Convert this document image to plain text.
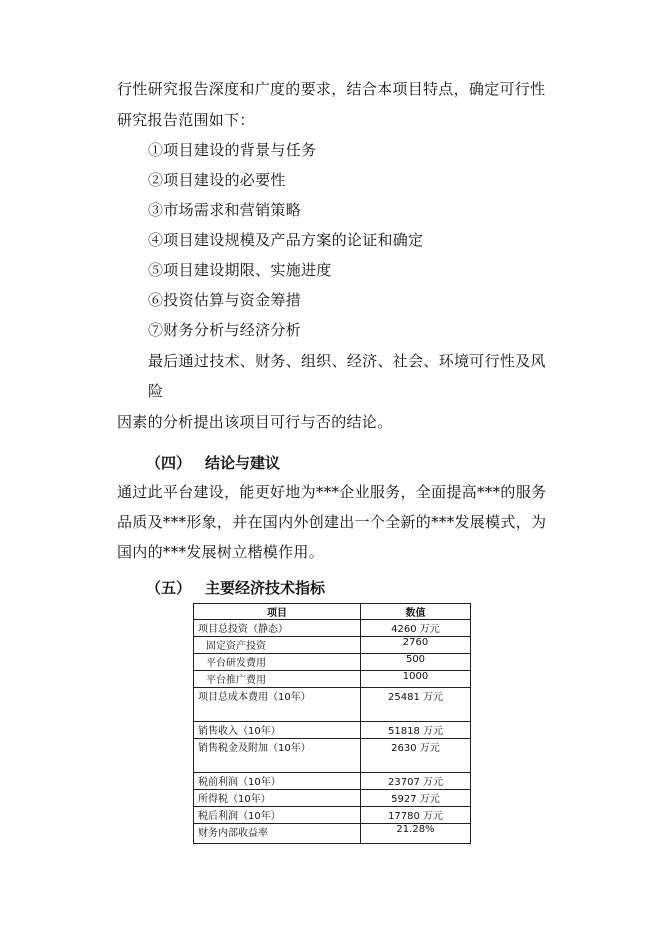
行性研究报告深度和广度的要求，结合本项目特点，确定可行性
研究报告范围如下：
①项目建设的背景与任务
②项目建设的必要性
③市场需求和营销策略
④项目建设规模及产品方案的论证和确定
⑤项目建设期限、实施进度
⑥投资估算与资金筹措
⑦财务分析与经济分析
最后通过技术、财务、组织、经济、社会、环境可行性及风
险
因素的分析提出该项目可行与否的结论。
（四） 结论与建议
通过此平台建设，能更好地为***企业服务，全面提高***的服务
品质及***形象，并在国内外创建出一个全新的***发展模式，为
国内的***发展树立楷模作用。
（五） 主要经济技术指标
项目	数值
项目总投资（静态）	4260 万元
固定资产投资	2760
平台研发费用	500
平台推广费用	1000
项目总成本费用（10年）	25481 万元
销售收入（10年）	51818 万元
销售税金及附加（10年）	2630 万元
税前利润（10年）	23707 万元
所得税（10年）	5927 万元
税后利润（10年）	17780 万元
财务内部收益率	21.28%
